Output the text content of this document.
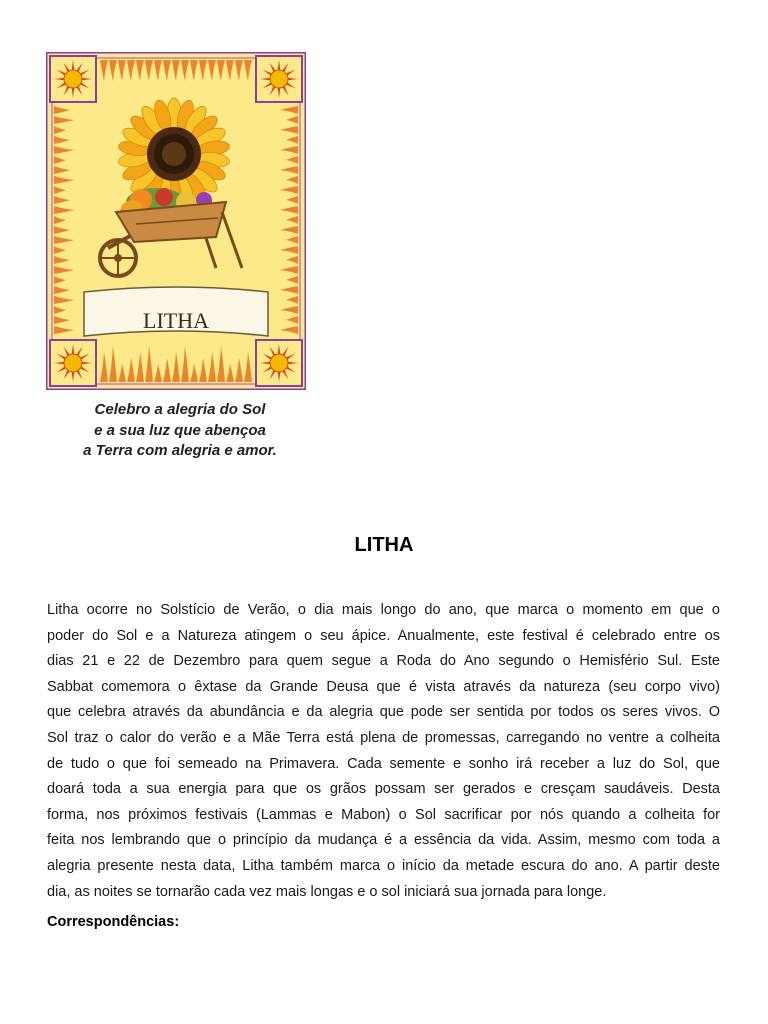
LITHA
Celebro a alegria do Sol
e a sua luz que abençoa
a Terra com alegria e amor.
LITHA
Litha ocorre no Solstício de Verão, o dia mais longo do ano, que marca o momento em que o
poder do Sol e a Natureza atingem o seu ápice. Anualmente, este festival é celebrado entre os
dias 21 e 22 de Dezembro para quem segue a Roda do Ano segundo o Hemisfério Sul. Este
Sabbat comemora o êxtase da Grande Deusa que é vista através da natureza (seu corpo vivo)
que celebra através da abundância e da alegria que pode ser sentida por todos os seres vivos. O
Sol traz o calor do verão e a Mãe Terra está plena de promessas, carregando no ventre a colheita
de tudo o que foi semeado na Primavera. Cada semente e sonho irá receber a luz do Sol, que
doará toda a sua energia para que os grãos possam ser gerados e cresçam saudáveis. Desta
forma, nos próximos festivais (Lammas e Mabon) o Sol sacrificar por nós quando a colheita for
feita nos lembrando que o princípio da mudança é a essência da vida. Assim, mesmo com toda a
alegria presente nesta data, Litha também marca o início da metade escura do ano. A partir deste
dia, as noites se tornarão cada vez mais longas e o sol iniciará sua jornada para longe.
Correspondências:
